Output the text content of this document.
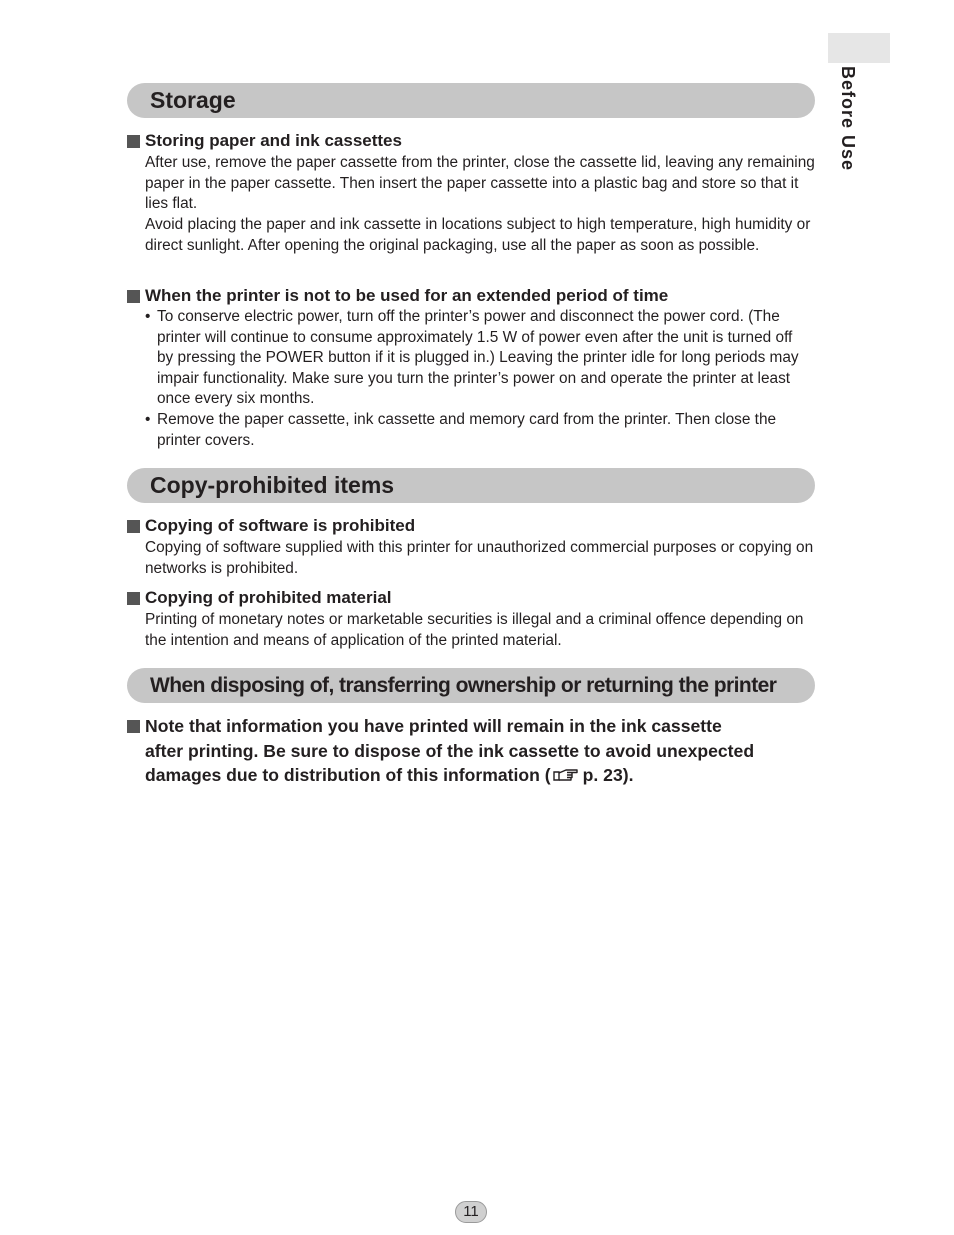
Before Use
Storage
Storing paper and ink cassettes

After use, remove the paper cassette from the printer, close the cassette lid, leaving any remaining paper in the paper cassette. Then insert the paper cassette into a plastic bag and store so that it lies flat.

Avoid placing the paper and ink cassette in locations subject to high temperature, high humidity or direct sunlight. After opening the original packaging, use all the paper as soon as possible.

When the printer is not to be used for an extended period of time
• To conserve electric power, turn off the printer’s power and disconnect the power cord. (The printer will continue to consume approximately 1.5 W of power even after the unit is turned off by pressing the POWER button if it is plugged in.) Leaving the printer idle for long periods may impair functionality. Make sure you turn the printer’s power on and operate the printer at least once every six months.
• Remove the paper cassette, ink cassette and memory card from the printer. Then close the printer covers.
Copy-prohibited items
Copying of software is prohibited

Copying of software supplied with this printer for unauthorized commercial purposes or copying on networks is prohibited.

Copying of prohibited material

Printing of monetary notes or marketable securities is illegal and a criminal offence depending on the intention and means of application of the printed material.

When disposing of, transferring ownership or returning the printer
Note that information you have printed will remain in the ink cassette
after printing. Be sure to dispose of the ink cassette to avoid unexpected
damages due to distribution of this information ( p. 23).
11
